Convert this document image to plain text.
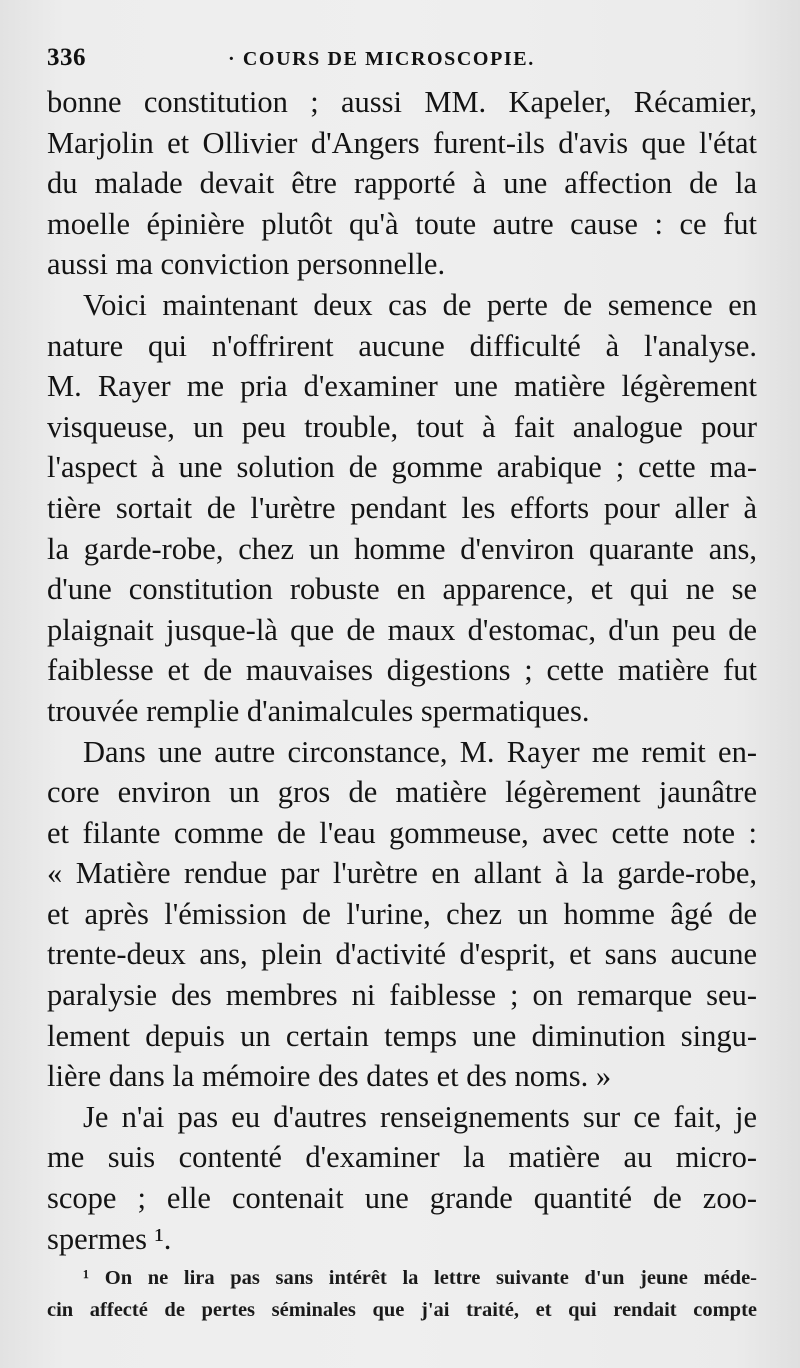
336	· COURS DE MICROSCOPIE.
bonne constitution ; aussi MM. Kapeler, Récamier,
Marjolin et Ollivier d'Angers furent-ils d'avis que l'état
du malade devait être rapporté à une affection de la
moelle épinière plutôt qu'à toute autre cause : ce fut
aussi ma conviction personnelle.
Voici maintenant deux cas de perte de semence en
nature qui n'offrirent aucune difficulté à l'analyse.
M. Rayer me pria d'examiner une matière légèrement
visqueuse, un peu trouble, tout à fait analogue pour
l'aspect à une solution de gomme arabique ; cette ma-
tière sortait de l'urètre pendant les efforts pour aller à
la garde-robe, chez un homme d'environ quarante ans,
d'une constitution robuste en apparence, et qui ne se
plaignait jusque-là que de maux d'estomac, d'un peu de
faiblesse et de mauvaises digestions ; cette matière fut
trouvée remplie d'animalcules spermatiques.
Dans une autre circonstance, M. Rayer me remit en-
core environ un gros de matière légèrement jaunâtre
et filante comme de l'eau gommeuse, avec cette note :
« Matière rendue par l'urètre en allant à la garde-robe,
et après l'émission de l'urine, chez un homme âgé de
trente-deux ans, plein d'activité d'esprit, et sans aucune
paralysie des membres ni faiblesse ; on remarque seu-
lement depuis un certain temps une diminution singu-
lière dans la mémoire des dates et des noms. »
Je n'ai pas eu d'autres renseignements sur ce fait, je
me suis contenté d'examiner la matière au micro-
scope ; elle contenait une grande quantité de zoo-
spermes ¹.
¹ On ne lira pas sans intérêt la lettre suivante d'un jeune méde-
cin affecté de pertes séminales que j'ai traité, et qui rendait compte
